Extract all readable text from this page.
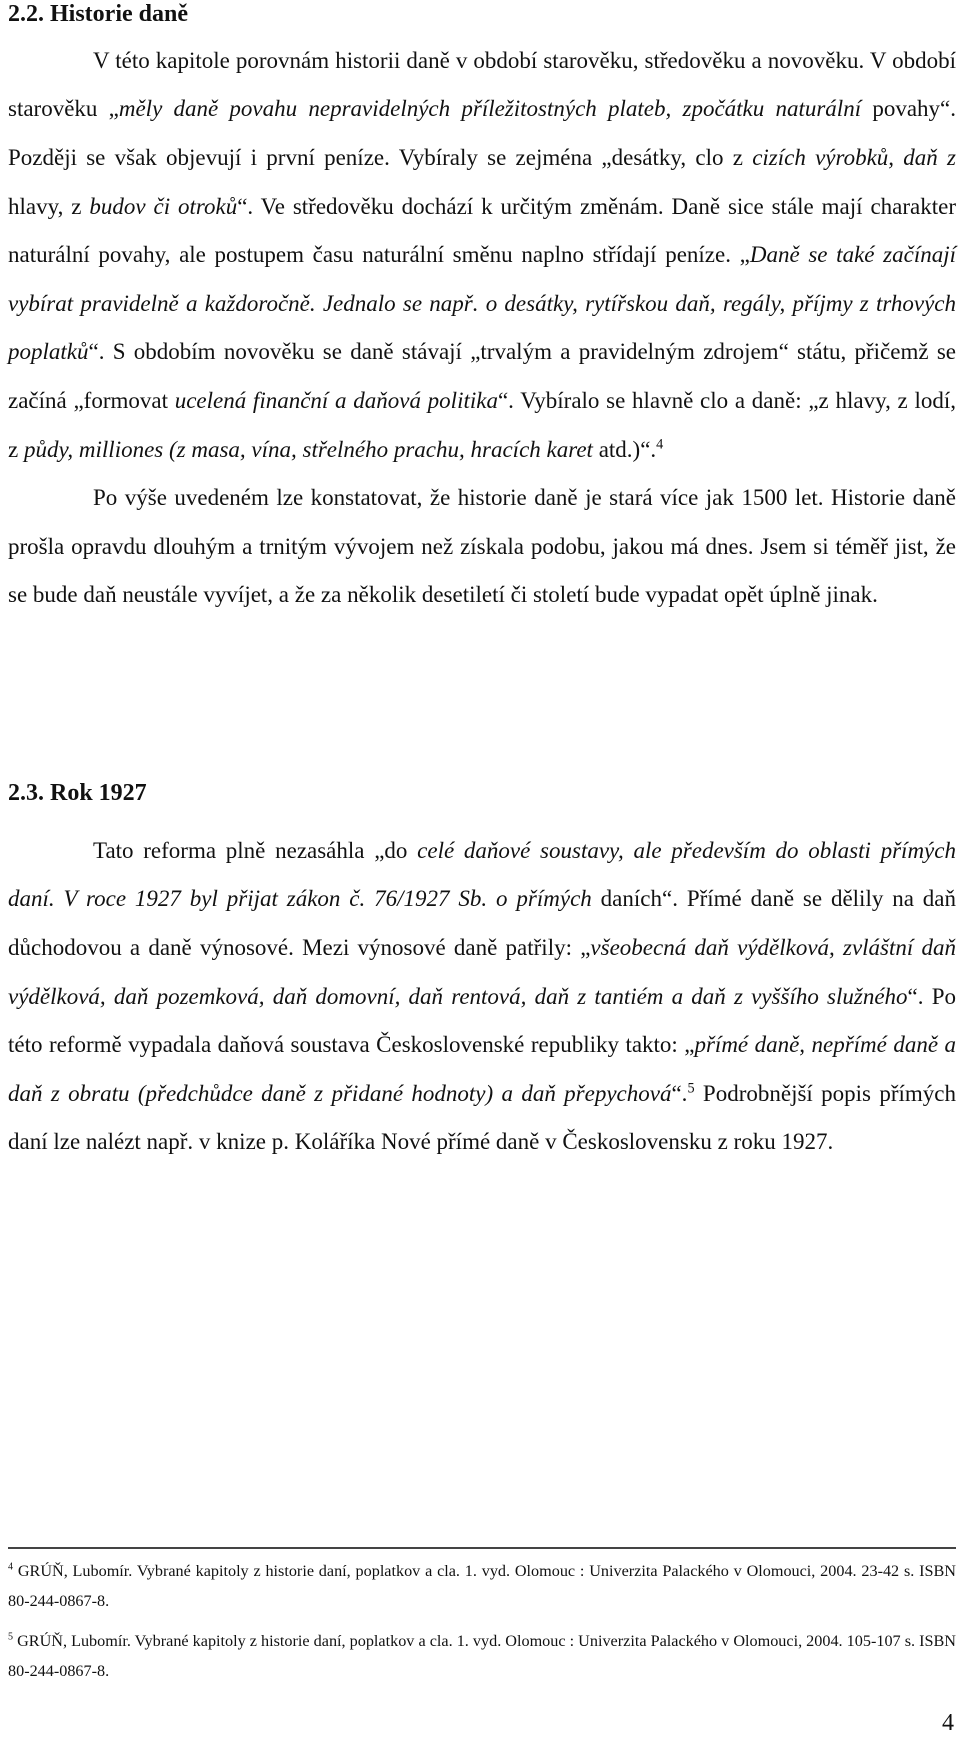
2.2. Historie daně

V této kapitole porovnám historii daně v období starověku, středověku a novověku. V období starověku „měly daně povahu nepravidelných příležitostných plateb, zpočátku naturální povahy“. Později se však objevují i první peníze. Vybíraly se zejména „desátky, clo z cizích výrobků, daň z hlavy, z budov či otroků“. Ve středověku dochází k určitým změnám. Daně sice stále mají charakter naturální povahy, ale postupem času naturální směnu naplno střídají peníze. „Daně se také začínají vybírat pravidelně a každoročně. Jednalo se např. o desátky, rytířskou daň, regály, příjmy z trhových poplatků“. S obdobím novověku se daně stávají „trvalým a pravidelným zdrojem“ státu, přičemž se začíná „formovat ucelená finanční a daňová politika“. Vybíralo se hlavně clo a daně: „z hlavy, z lodí, z půdy, milliones (z masa, vína, střelného prachu, hracích karet atd.)“.$^4$

Po výše uvedeném lze konstatovat, že historie daně je stará více jak 1500 let. Historie daně prošla opravdu dlouhým a trnitým vývojem než získala podobu, jakou má dnes. Jsem si téměř jist, že se bude daň neustále vyvíjet, a že za několik desetiletí či století bude vypadat opět úplně jinak.

2.3. Rok 1927

Tato reforma plně nezasáhla „do celé daňové soustavy, ale především do oblasti přímých daní. V roce 1927 byl přijat zákon č. 76/1927 Sb. o přímých daních“. Přímé daně se dělily na daň důchodovou a daně výnosové. Mezi výnosové daně patřily: „všeobecná daň výdělková, zvláštní daň výdělková, daň pozemková, daň domovní, daň rentová, daň z tantiém a daň z vyššího služného“. Po této reformě vypadala daňová soustava Československé republiky takto: „přímé daně, nepřímé daně a daň z obratu (předchůdce daně z přidané hodnoty) a daň přepychová“.$^5$ Podrobnější popis přímých daní lze nalézt např. v knize p. Koláříka Nové přímé daně v Československu z roku 1927.

$^4$ GRÚŇ, Lubomír. Vybrané kapitoly z historie daní, poplatkov a cla. 1. vyd. Olomouc : Univerzita Palackého v Olomouci, 2004. 23-42 s. ISBN 80-244-0867-8.

$^5$ GRÚŇ, Lubomír. Vybrané kapitoly z historie daní, poplatkov a cla. 1. vyd. Olomouc : Univerzita Palackého v Olomouci, 2004. 105-107 s. ISBN 80-244-0867-8.

4
